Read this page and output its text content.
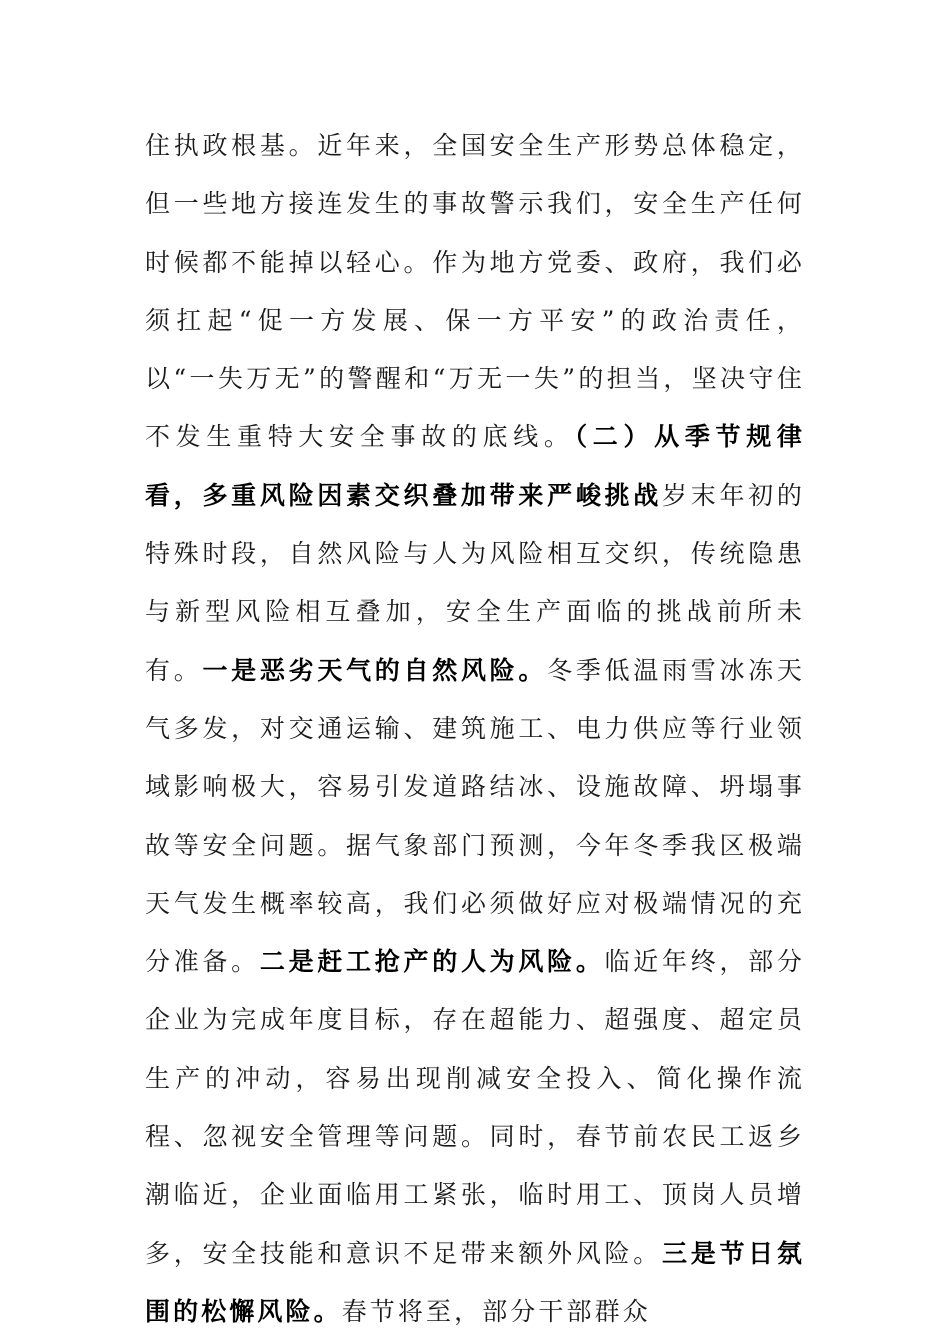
住执政根基。近年来，全国安全生产形势总体稳定，但一些地方接连发生的事故警示我们，安全生产任何时候都不能掉以轻心。作为地方党委、政府，我们必须扛起“促一方发展、保一方平安”的政治责任，以“一失万无”的警醒和“万无一失”的担当，坚决守住不发生重特大安全事故的底线。（二）从季节规律看，多重风险因素交织叠加带来严峻挑战岁末年初的特殊时段，自然风险与人为风险相互交织，传统隐患与新型风险相互叠加，安全生产面临的挑战前所未有。一是恶劣天气的自然风险。冬季低温雨雪冰冻天气多发，对交通运输、建筑施工、电力供应等行业领域影响极大，容易引发道路结冰、设施故障、坍塌事故等安全问题。据气象部门预测，今年冬季我区极端天气发生概率较高，我们必须做好应对极端情况的充分准备。二是赶工抢产的人为风险。临近年终，部分企业为完成年度目标，存在超能力、超强度、超定员生产的冲动，容易出现削减安全投入、简化操作流程、忽视安全管理等问题。同时，春节前农民工返乡潮临近，企业面临用工紧张，临时用工、顶岗人员增多，安全技能和意识不足带来额外风险。三是节日氛围的松懈风险。春节将至，部分干部群众
